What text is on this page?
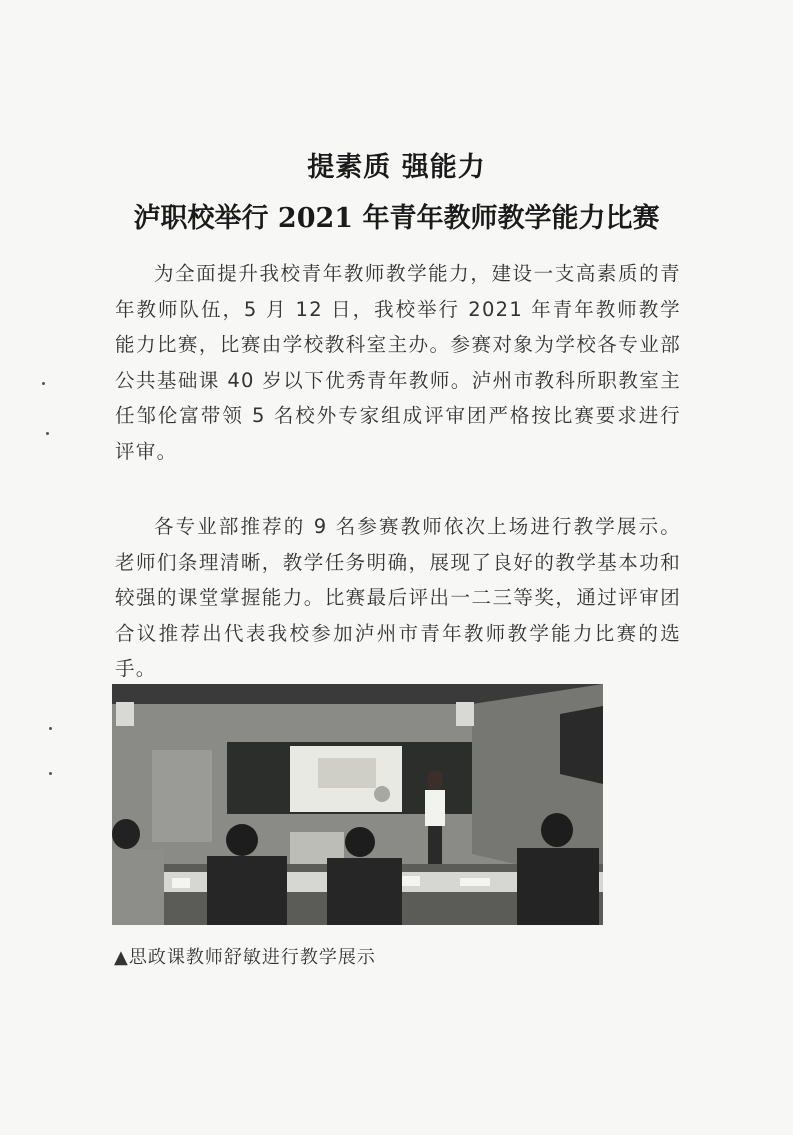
提素质 强能力
泸职校举行 2021 年青年教师教学能力比赛

为全面提升我校青年教师教学能力，建设一支高素质的青年教师队伍，5 月 12 日，我校举行 2021 年青年教师教学能力比赛，比赛由学校教科室主办。参赛对象为学校各专业部公共基础课 40 岁以下优秀青年教师。泸州市教科所职教室主任邹伦富带领 5 名校外专家组成评审团严格按比赛要求进行评审。

各专业部推荐的 9 名参赛教师依次上场进行教学展示。老师们条理清晰，教学任务明确，展现了良好的教学基本功和较强的课堂掌握能力。比赛最后评出一二三等奖，通过评审团合议推荐出代表我校参加泸州市青年教师教学能力比赛的选手。

▲思政课教师舒敏进行教学展示
